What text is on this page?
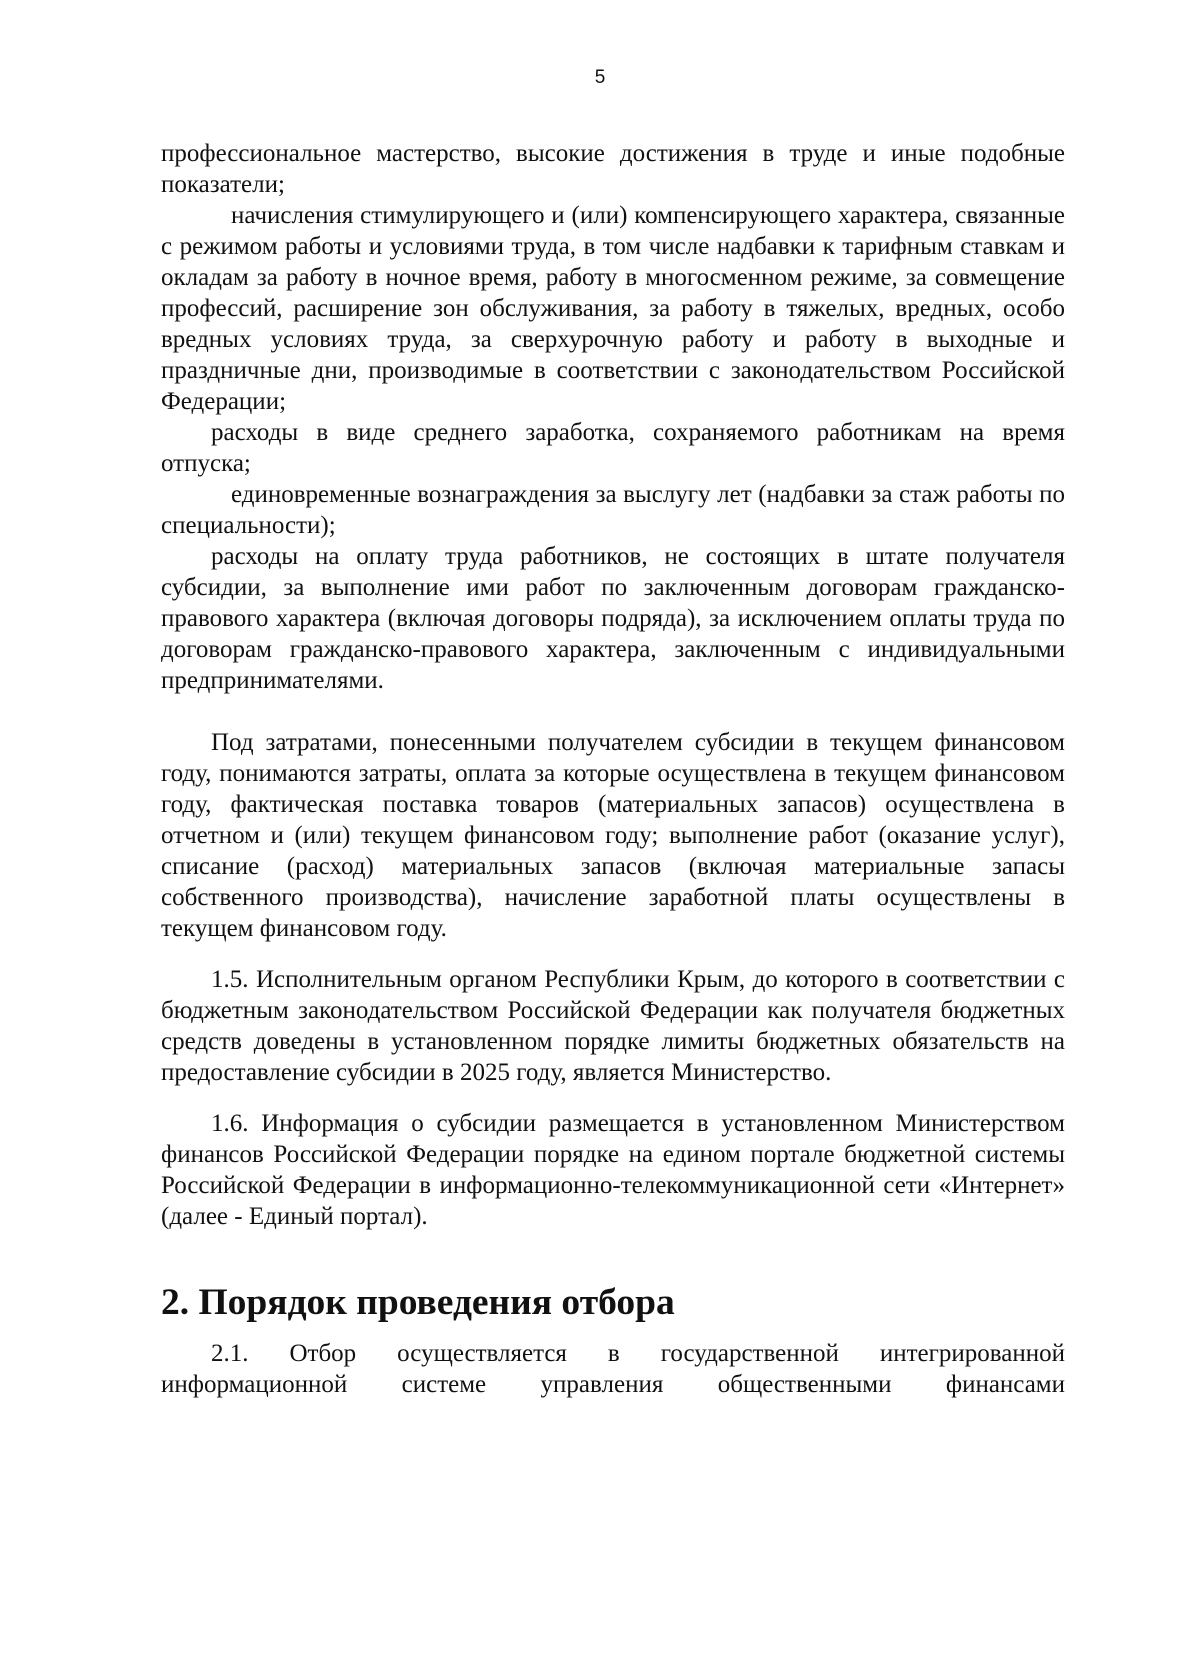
5

профессиональное мастерство, высокие достижения в труде и иные подобные показатели;

начисления стимулирующего и (или) компенсирующего характера, связанные с режимом работы и условиями труда, в том числе надбавки к тарифным ставкам и окладам за работу в ночное время, работу в многосменном режиме, за совмещение профессий, расширение зон обслуживания, за работу в тяжелых, вредных, особо вредных условиях труда, за сверхурочную работу и работу в выходные и праздничные дни, производимые в соответствии с законодательством Российской Федерации;

расходы в виде среднего заработка, сохраняемого работникам на время отпуска;

единовременные вознаграждения за выслугу лет (надбавки за стаж работы по специальности);

расходы на оплату труда работников, не состоящих в штате получателя субсидии, за выполнение ими работ по заключенным договорам гражданско-правового характера (включая договоры подряда), за исключением оплаты труда по договорам гражданско-правового характера, заключенным с индивидуальными предпринимателями.

Под затратами, понесенными получателем субсидии в текущем финансовом году, понимаются затраты, оплата за которые осуществлена в текущем финансовом году, фактическая поставка товаров (материальных запасов) осуществлена в отчетном и (или) текущем финансовом году; выполнение работ (оказание услуг), списание (расход) материальных запасов (включая материальные запасы собственного производства), начисление заработной платы осуществлены в текущем финансовом году.

1.5. Исполнительным органом Республики Крым, до которого в соответствии с бюджетным законодательством Российской Федерации как получателя бюджетных средств доведены в установленном порядке лимиты бюджетных обязательств на предоставление субсидии в 2025 году, является Министерство.

1.6. Информация о субсидии размещается в установленном Министерством финансов Российской Федерации порядке на едином портале бюджетной системы Российской Федерации в информационно-телекоммуникационной сети «Интернет» (далее - Единый портал).

2. Порядок проведения отбора

2.1. Отбор осуществляется в государственной интегрированной информационной системе управления общественными финансами
